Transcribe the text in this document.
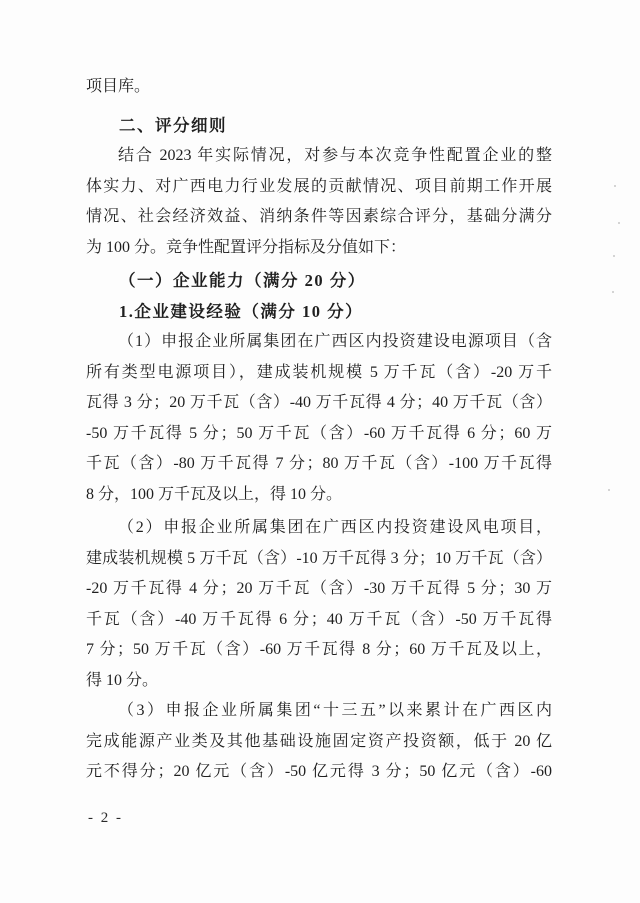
项目库。
二、评分细则
结合 2023 年实际情况，对参与本次竞争性配置企业的整
体实力、对广西电力行业发展的贡献情况、项目前期工作开展
情况、社会经济效益、消纳条件等因素综合评分，基础分满分
为 100 分。竞争性配置评分指标及分值如下：
（一）企业能力（满分 20 分）
1.企业建设经验（满分 10 分）
（1）申报企业所属集团在广西区内投资建设电源项目（含
所有类型电源项目），建成装机规模 5 万千瓦（含）-20 万千
瓦得 3 分；20 万千瓦（含）-40 万千瓦得 4 分；40 万千瓦（含）
-50 万千瓦得 5 分；50 万千瓦（含）-60 万千瓦得 6 分；60 万
千瓦（含）-80 万千瓦得 7 分；80 万千瓦（含）-100 万千瓦得
8 分，100 万千瓦及以上，得 10 分。
（2）申报企业所属集团在广西区内投资建设风电项目，
建成装机规模 5 万千瓦（含）-10 万千瓦得 3 分；10 万千瓦（含）
-20 万千瓦得 4 分；20 万千瓦（含）-30 万千瓦得 5 分；30 万
千瓦（含）-40 万千瓦得 6 分；40 万千瓦（含）-50 万千瓦得
7 分；50 万千瓦（含）-60 万千瓦得 8 分；60 万千瓦及以上，
得 10 分。
（3）申报企业所属集团“十三五”以来累计在广西区内
完成能源产业类及其他基础设施固定资产投资额，低于 20 亿
元不得分；20 亿元（含）-50 亿元得 3 分；50 亿元（含）-60
- 2 -
